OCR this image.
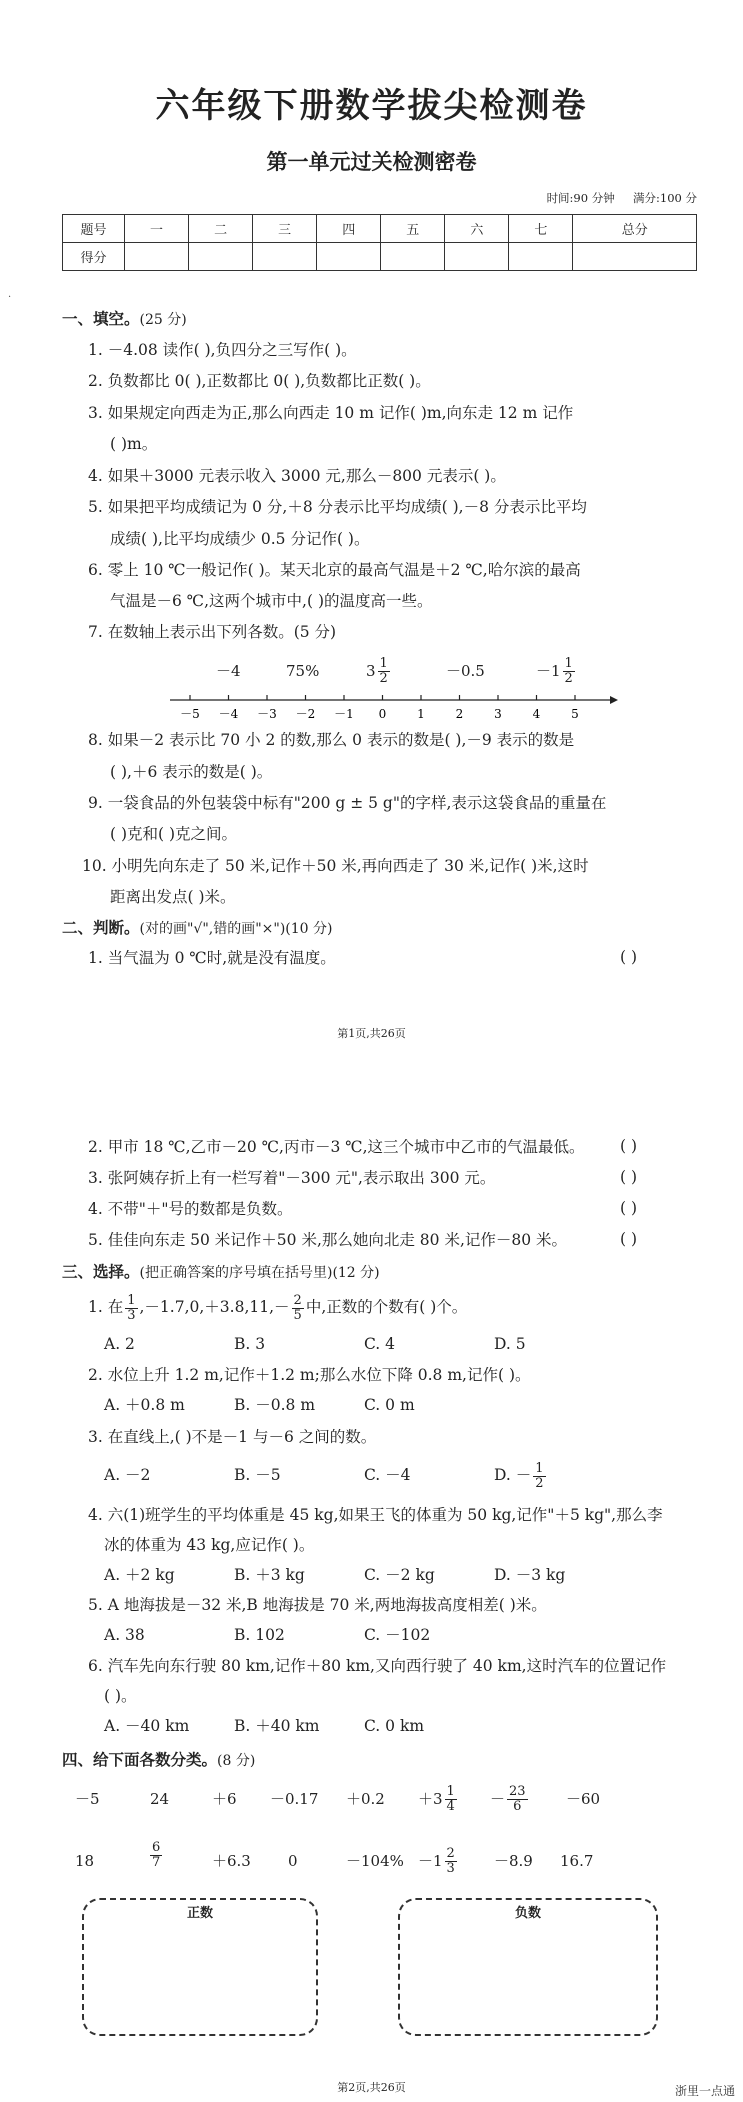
六年级下册数学拔尖检测卷
第一单元过关检测密卷
时间:90 分钟 满分:100 分
题号	一	二	三	四	五	六	七	总分
得分								
·
一、填空。(25 分)
1. －4.08 读作( ),负四分之三写作( )。
2. 负数都比 0( ),正数都比 0( ),负数都比正数( )。
3. 如果规定向西走为正,那么向西走 10 m 记作( )m,向东走 12 m 记作
( )m。
4. 如果＋3000 元表示收入 3000 元,那么－800 元表示( )。
5. 如果把平均成绩记为 0 分,＋8 分表示比平均成绩( ),－8 分表示比平均
成绩( ),比平均成绩少 0.5 分记作( )。
6. 零上 10 ℃一般记作( )。某天北京的最高气温是＋2 ℃,哈尔滨的最高
气温是－6 ℃,这两个城市中,( )的温度高一些。
7. 在数轴上表示出下列各数。(5 分)
－4	75%	$3 \frac{1}{2}$	－0.5	$-1 \frac{1}{2}$
－5 －4 －3 －2 －1 0	1	2	3	4	5
8. 如果－2 表示比 70 小 2 的数,那么 0 表示的数是( ),－9 表示的数是
( ),＋6 表示的数是( )。
9. 一袋食品的外包装袋中标有"200 g ± 5 g"的字样,表示这袋食品的重量在
( )克和( )克之间。
10. 小明先向东走了 50 米,记作＋50 米,再向西走了 30 米,记作( )米,这时
距离出发点( )米。
二、判断。(对的画"√",错的画"×")(10 分)
1. 当气温为 0 ℃时,就是没有温度。	( )
第1页,共26页
2. 甲市 18 ℃,乙市－20 ℃,丙市－3 ℃,这三个城市中乙市的气温最低。 ( )
3. 张阿姨存折上有一栏写着"－300 元",表示取出 300 元。	( )
4. 不带"＋"号的数都是负数。	( )
5. 佳佳向东走 50 米记作＋50 米,那么她向北走 80 米,记作－80 米。	( )
三、选择。(把正确答案的序号填在括号里)(12 分)
1. 在 $\frac{1}{3} ,-1.7,0,+3.8,11,- \frac{2}{5}$ 中,正数的个数有( )个。
A. 2	B. 3	C. 4	D. 5
2. 水位上升 1.2 m,记作＋1.2 m;那么水位下降 0.8 m,记作( )。
A. ＋0.8 m	B. －0.8 m	C. 0 m
3. 在直线上,( )不是－1 与－6 之间的数。
A. －2	B. －5	C. －4	D. － $\frac{1}{2}$
4. 六(1)班学生的平均体重是 45 kg,如果王飞的体重为 50 kg,记作"＋5 kg",那么李
冰的体重为 43 kg,应记作( )。
A. ＋2 kg	B. ＋3 kg	C. －2 kg	D. －3 kg
5. A 地海拔是－32 米,B 地海拔是 70 米,两地海拔高度相差( )米。
A. 38	B. 102	C. －102
6. 汽车先向东行驶 80 km,记作＋80 km,又向西行驶了 40 km,这时汽车的位置记作
( )。
A. －40 km	B. ＋40 km	C. 0 km
四、给下面各数分类。(8 分)
－5	24	$+6 -0.17 +0.2 +3 \frac{1}{4} - \frac{23}{6}$	－60
18	$\frac{6}{7}$	＋6.3 0	$-104\% -1 \frac{2}{3} -8.9$ 16.7
正数	负数
第2页,共26页	浙里一点通
